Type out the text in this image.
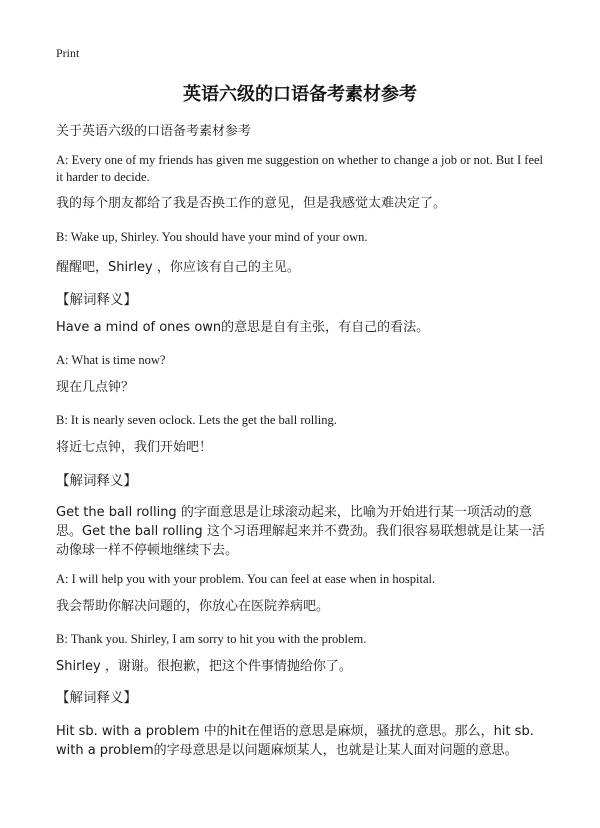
Print
英语六级的口语备考素材参考

关于英语六级的口语备考素材参考

A: Every one of my friends has given me suggestion on whether to change a job or not. But I feel it harder to decide.

我的每个朋友都给了我是否换工作的意见，但是我感觉太难决定了。

B: Wake up, Shirley. You should have your mind of your own.

醒醒吧，Shirley ，你应该有自己的主见。

【解词释义】

Have a mind of ones own的意思是自有主张，有自己的看法。

A: What is time now?

现在几点钟？

B: It is nearly seven oclock. Lets the get the ball rolling.

将近七点钟，我们开始吧！

【解词释义】

Get the ball rolling 的字面意思是让球滚动起来，比喻为开始进行某一项活动的意思。Get the ball rolling 这个习语理解起来并不费劲。我们很容易联想就是让某一活动像球一样不停顿地继续下去。

A: I will help you with your problem. You can feel at ease when in hospital.

我会帮助你解决问题的，你放心在医院养病吧。

B: Thank you. Shirley, I am sorry to hit you with the problem.

Shirley ，谢谢。很抱歉，把这个件事情抛给你了。

【解词释义】

Hit sb. with a problem 中的hit在俚语的意思是麻烦，骚扰的意思。那么，hit sb. with a problem的字母意思是以问题麻烦某人，也就是让某人面对问题的意思。
